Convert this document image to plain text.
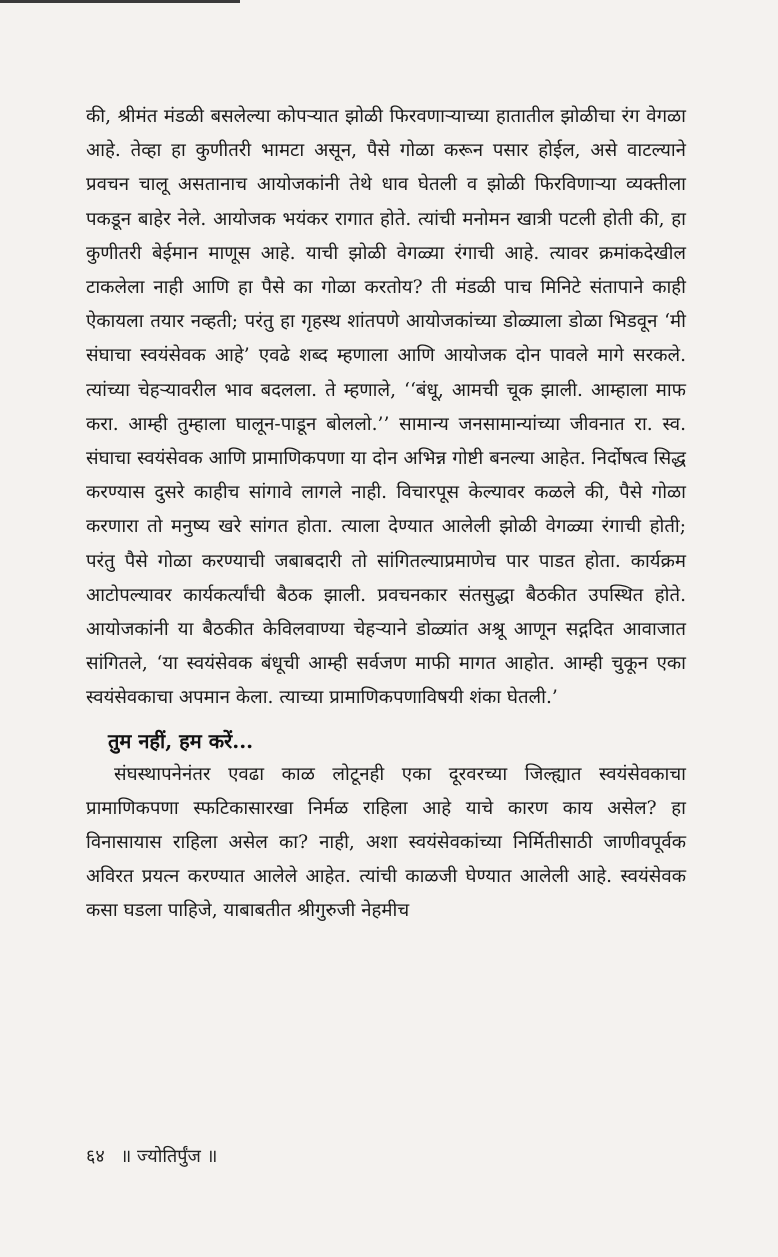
की, श्रीमंत मंडळी बसलेल्या कोपऱ्यात झोळी फिरवणाऱ्याच्या हातातील झोळीचा रंग वेगळा आहे. तेव्हा हा कुणीतरी भामटा असून, पैसे गोळा करून पसार होईल, असे वाटल्याने प्रवचन चालू असतानाच आयोजकांनी तेथे धाव घेतली व झोळी फिरविणाऱ्या व्यक्तीला पकडून बाहेर नेले. आयोजक भयंकर रागात होते. त्यांची मनोमन खात्री पटली होती की, हा कुणीतरी बेईमान माणूस आहे. याची झोळी वेगळ्या रंगाची आहे. त्यावर क्रमांकदेखील टाकलेला नाही आणि हा पैसे का गोळा करतोय? ती मंडळी पाच मिनिटे संतापाने काही ऐकायला तयार नव्हती; परंतु हा गृहस्थ शांतपणे आयोजकांच्या डोळ्याला डोळा भिडवून ‘मी संघाचा स्वयंसेवक आहे’ एवढे शब्द म्हणाला आणि आयोजक दोन पावले मागे सरकले. त्यांच्या चेहऱ्यावरील भाव बदलला. ते म्हणाले, ‘‘बंधू, आमची चूक झाली. आम्हाला माफ करा. आम्ही तुम्हाला घालून-पाडून बोललो.’’ सामान्य जनसामान्यांच्या जीवनात रा. स्व. संघाचा स्वयंसेवक आणि प्रामाणिकपणा या दोन अभिन्न गोष्टी बनल्या आहेत. निर्दोषत्व सिद्ध करण्यास दुसरे काहीच सांगावे लागले नाही. विचारपूस केल्यावर कळले की, पैसे गोळा करणारा तो मनुष्य खरे सांगत होता. त्याला देण्यात आलेली झोळी वेगळ्या रंगाची होती; परंतु पैसे गोळा करण्याची जबाबदारी तो सांगितल्याप्रमाणेच पार पाडत होता. कार्यक्रम आटोपल्यावर कार्यकर्त्यांची बैठक झाली. प्रवचनकार संतसुद्धा बैठकीत उपस्थित होते. आयोजकांनी या बैठकीत केविलवाण्या चेहऱ्याने डोळ्यांत अश्रू आणून सद्गदित आवाजात सांगितले, ‘या स्वयंसेवक बंधूची आम्ही सर्वजण माफी मागत आहोत. आम्ही चुकून एका स्वयंसेवकाचा अपमान केला. त्याच्या प्रामाणिकपणाविषयी शंका घेतली.’

तुम नहीं, हम करें...

संघस्थापनेनंतर एवढा काळ लोटूनही एका दूरवरच्या जिल्ह्यात स्वयंसेवकाचा प्रामाणिकपणा स्फटिकासारखा निर्मळ राहिला आहे याचे कारण काय असेल? हा विनासायास राहिला असेल का? नाही, अशा स्वयंसेवकांच्या निर्मितीसाठी जाणीवपूर्वक अविरत प्रयत्न करण्यात आलेले आहेत. त्यांची काळजी घेण्यात आलेली आहे. स्वयंसेवक कसा घडला पाहिजे, याबाबतीत श्रीगुरुजी नेहमीच

६४ ॥ ज्योतिर्पुंज ॥
